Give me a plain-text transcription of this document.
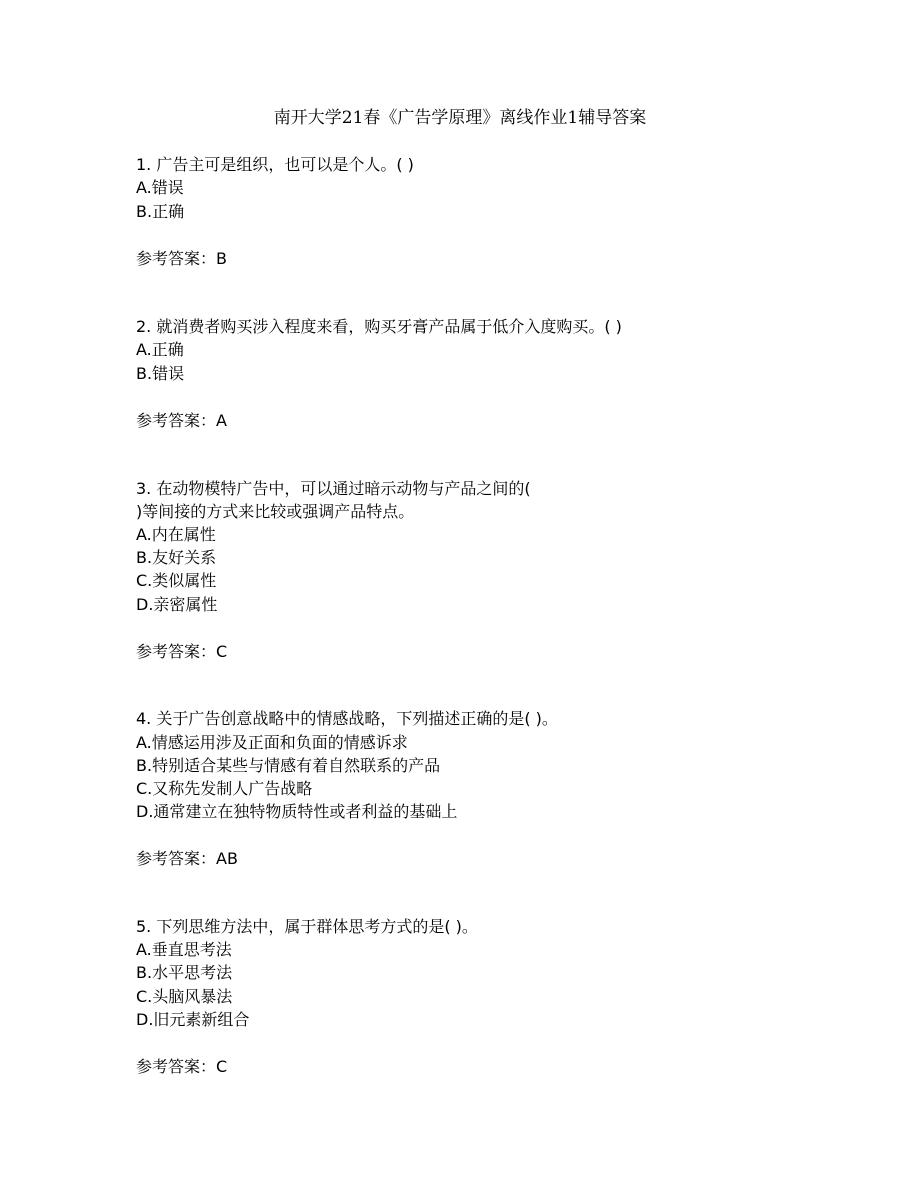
南开大学21春《广告学原理》离线作业1辅导答案
1. 广告主可是组织，也可以是个人。( )
A.错误
B.正确
参考答案：B
2. 就消费者购买涉入程度来看，购买牙膏产品属于低介入度购买。( )
A.正确
B.错误
参考答案：A
3. 在动物模特广告中，可以通过暗示动物与产品之间的(
)等间接的方式来比较或强调产品特点。
A.内在属性
B.友好关系
C.类似属性
D.亲密属性
参考答案：C
4. 关于广告创意战略中的情感战略，下列描述正确的是( )。
A.情感运用涉及正面和负面的情感诉求
B.特别适合某些与情感有着自然联系的产品
C.又称先发制人广告战略
D.通常建立在独特物质特性或者利益的基础上
参考答案：AB
5. 下列思维方法中，属于群体思考方式的是( )。
A.垂直思考法
B.水平思考法
C.头脑风暴法
D.旧元素新组合
参考答案：C
